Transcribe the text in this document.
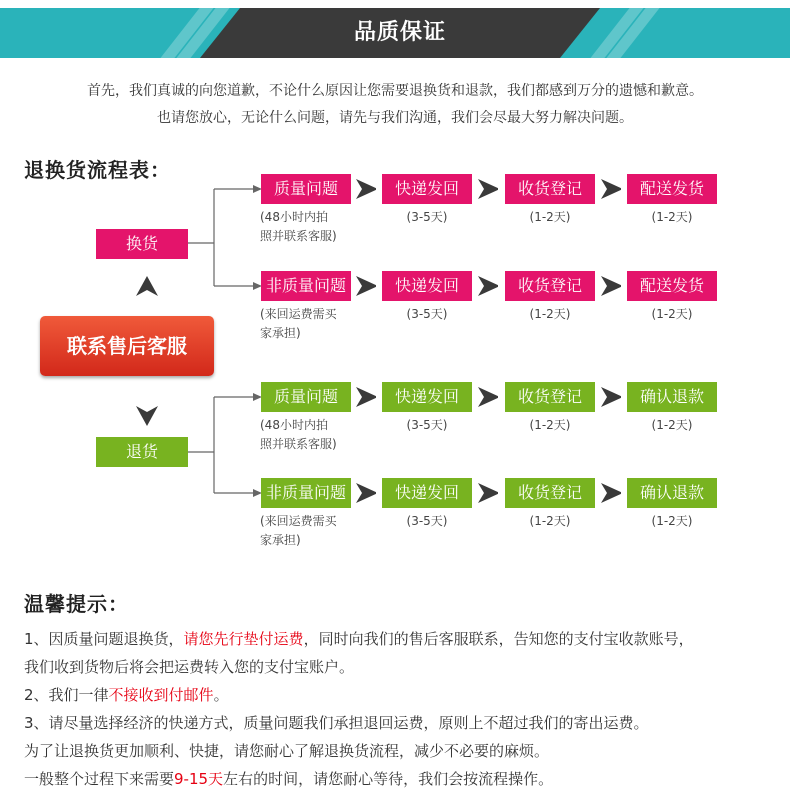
品质保证
首先，我们真诚的向您道歉，不论什么原因让您需要退换货和退款，我们都感到万分的遗憾和歉意。
也请您放心，无论什么问题，请先与我们沟通，我们会尽最大努力解决问题。
退换货流程表：
换货
退货
联系售后客服
质量问题
(48小时内拍
照并联系客服)
快递发回
(3-5天)
收货登记
(1-2天)
配送发货
(1-2天)
非质量问题
(来回运费需买
家承担)
快递发回
(3-5天)
收货登记
(1-2天)
配送发货
(1-2天)
质量问题
(48小时内拍
照并联系客服)
快递发回
(3-5天)
收货登记
(1-2天)
确认退款
(1-2天)
非质量问题
(来回运费需买
家承担)
快递发回
(3-5天)
收货登记
(1-2天)
确认退款
(1-2天)
温馨提示：
1、因质量问题退换货，请您先行垫付运费，同时向我们的售后客服联系，告知您的支付宝收款账号，
我们收到货物后将会把运费转入您的支付宝账户。
2、我们一律不接收到付邮件。
3、请尽量选择经济的快递方式，质量问题我们承担退回运费，原则上不超过我们的寄出运费。
为了让退换货更加顺利、快捷，请您耐心了解退换货流程，减少不必要的麻烦。
一般整个过程下来需要9-15天左右的时间，请您耐心等待，我们会按流程操作。
